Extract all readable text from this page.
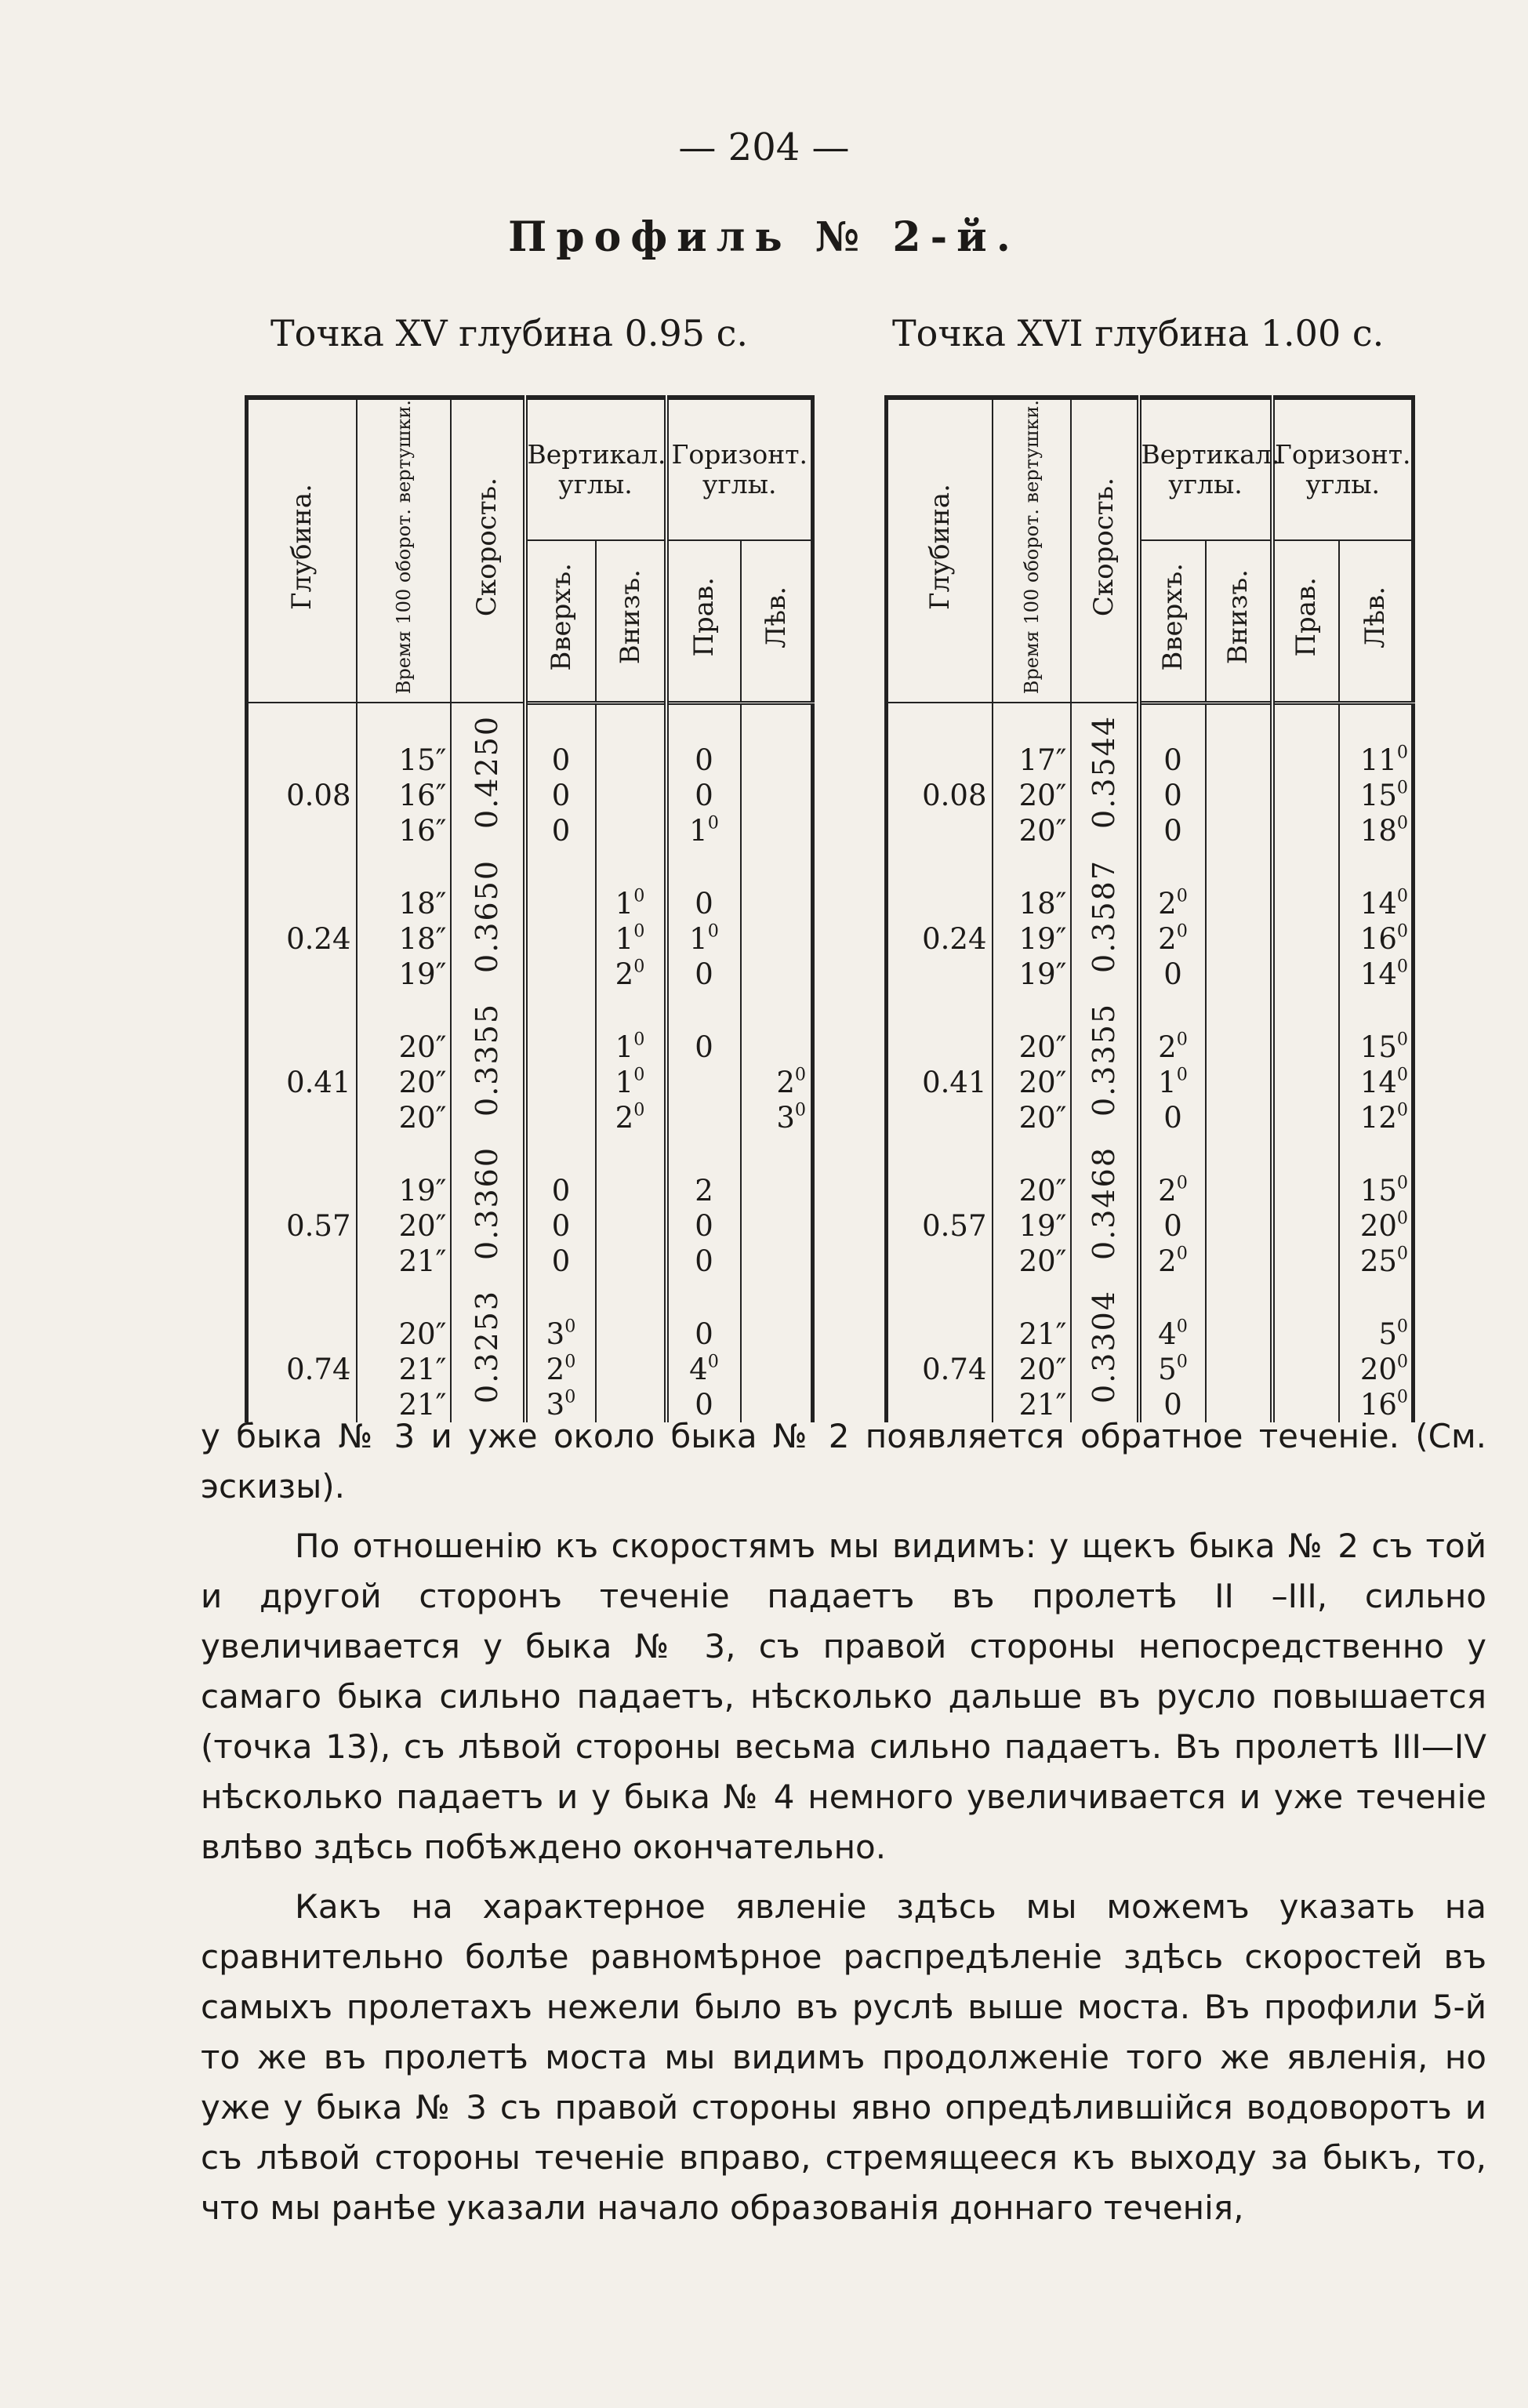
— 204 —
Профиль № 2-й.
Точка XV глубина 0.95 с.	Точка XVI глубина 1.00 с.
Глубина.	Время 100 оборот. вертушки.	Скорость.	Вертикал. углы.		Горизонт. углы.	
			Вверхъ.	Внизъ.	Прав.	Лѣв.
		0.4250				
	15″		0		0	
0.08	16″		0		0	
	16″		0		$1^0$	
		0.3650				
	18″			$1^0$	0	
0.24	18″			$1^0$	$1^0$	
	19″			$2^0$	0	
		0.3355				
	20″			$1^0$	0	
0.41	20″			$1^0$		$2^0$
	20″			$2^0$		$3^0$
		0.3360				
	19″		0		2	
0.57	20″		0		0	
	21″		0		0	
		0.3253				
	20″		$3^0$		0	
0.74	21″		$2^0$		$4^0$	
	21″		$3^0$		0	
Глубина.	Время 100 оборот. вертушки.	Скорость.	Вертикал. углы.		Горизонт. углы.	
			Вверхъ.	Внизъ.	Прав.	Лѣв.
		0.3544				
	17″		0			$11^0$
0.08	20″		0			$15^0$
	20″		0			$18^0$
		0.3587				
	18″		$2^0$			$14^0$
0.24	19″		$2^0$			$16^0$
	19″		0			$14^0$
		0.3355				
	20″		$2^0$			$15^0$
0.41	20″		$1^0$			$14^0$
	20″		0			$12^0$
		0.3468				
	20″		$2^0$			$15^0$
0.57	19″		0			$20^0$
	20″		$2^0$			$25^0$
		0.3304				
	21″		$4^0$			$5^0$
0.74	20″		$5^0$			$20^0$
	21″		0			$16^0$

у быка № 3 и уже около быка № 2 появляется обратное теченіе. (См. эскизы).

По отношенію къ скоростямъ мы видимъ: у щекъ быка № 2 съ той и другой сторонъ теченіе падаетъ въ пролетѣ II –III, сильно увеличивается у быка № 3, съ правой стороны непосредственно у самаго быка сильно падаетъ, нѣсколько дальше въ русло повышается (точка 13), съ лѣвой стороны весьма сильно падаетъ. Въ пролетѣ III—IV нѣсколько падаетъ и у быка № 4 немного увеличивается и уже теченіе влѣво здѣсь побѣждено окончательно.

Какъ на характерное явленіе здѣсь мы можемъ указать на сравнительно болѣе равномѣрное распредѣленіе здѣсь скоростей въ самыхъ пролетахъ нежели было въ руслѣ выше моста. Въ профили 5-й то же въ пролетѣ моста мы видимъ продолженіе того же явленія, но уже у быка № 3 съ правой стороны явно опредѣлившійся водоворотъ и съ лѣвой стороны теченіе вправо, стремящееся къ выходу за быкъ, то, что мы ранѣе указали начало образованія доннаго теченія,
